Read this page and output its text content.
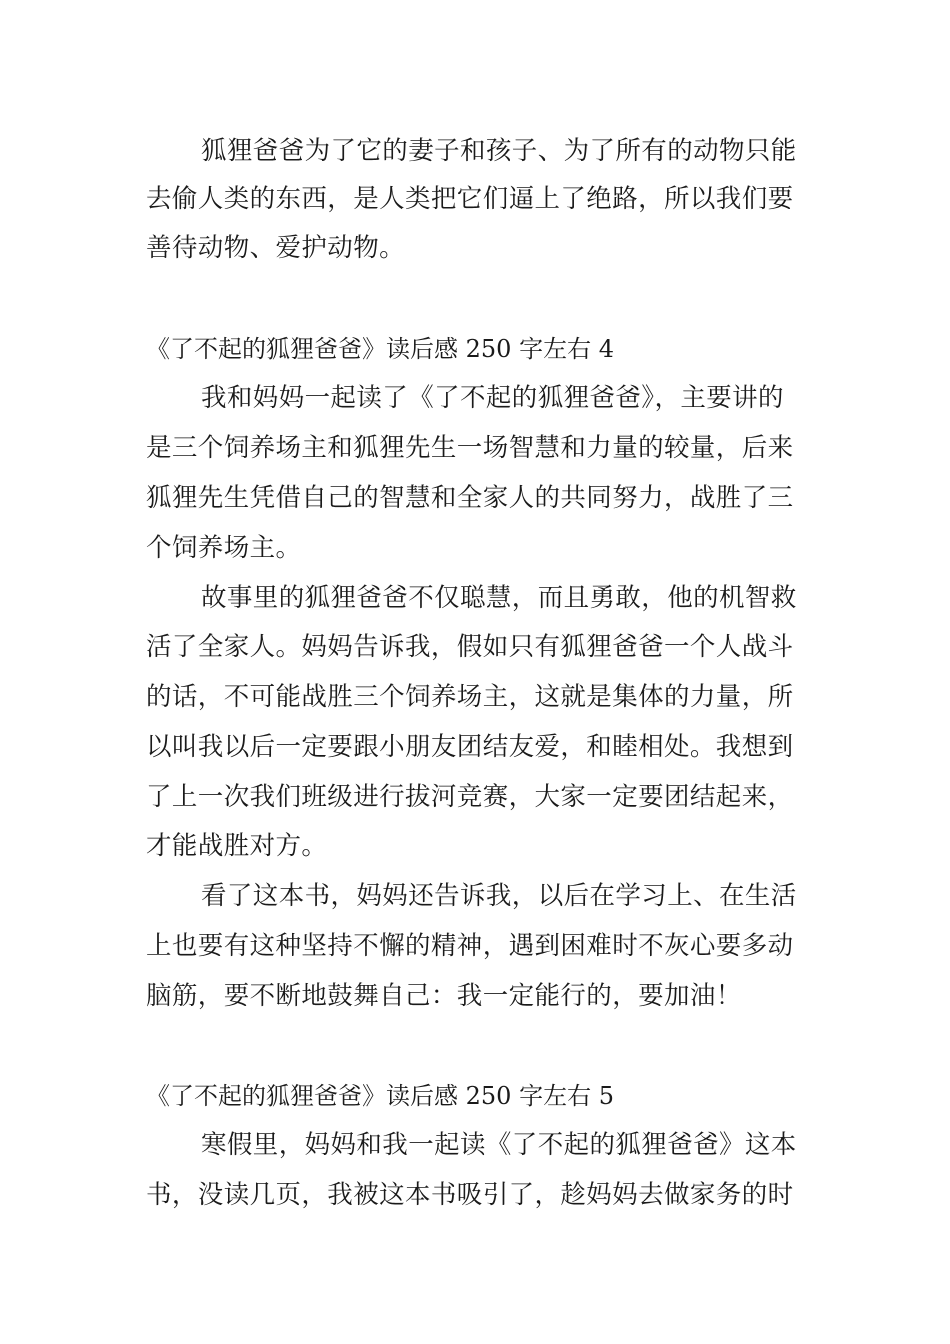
狐狸爸爸为了它的妻子和孩子、为了所有的动物只能
去偷人类的东西，是人类把它们逼上了绝路，所以我们要
善待动物、爱护动物。
《了不起的狐狸爸爸》读后感 250 字左右 4
我和妈妈一起读了《了不起的狐狸爸爸》，主要讲的
是三个饲养场主和狐狸先生一场智慧和力量的较量，后来
狐狸先生凭借自己的智慧和全家人的共同努力，战胜了三
个饲养场主。
故事里的狐狸爸爸不仅聪慧，而且勇敢，他的机智救
活了全家人。妈妈告诉我，假如只有狐狸爸爸一个人战斗
的话，不可能战胜三个饲养场主，这就是集体的力量，所
以叫我以后一定要跟小朋友团结友爱，和睦相处。我想到
了上一次我们班级进行拔河竞赛，大家一定要团结起来，
才能战胜对方。
看了这本书，妈妈还告诉我，以后在学习上、在生活
上也要有这种坚持不懈的精神，遇到困难时不灰心要多动
脑筋，要不断地鼓舞自己：我一定能行的，要加油！
《了不起的狐狸爸爸》读后感 250 字左右 5
寒假里，妈妈和我一起读《了不起的狐狸爸爸》这本
书，没读几页，我被这本书吸引了，趁妈妈去做家务的时
